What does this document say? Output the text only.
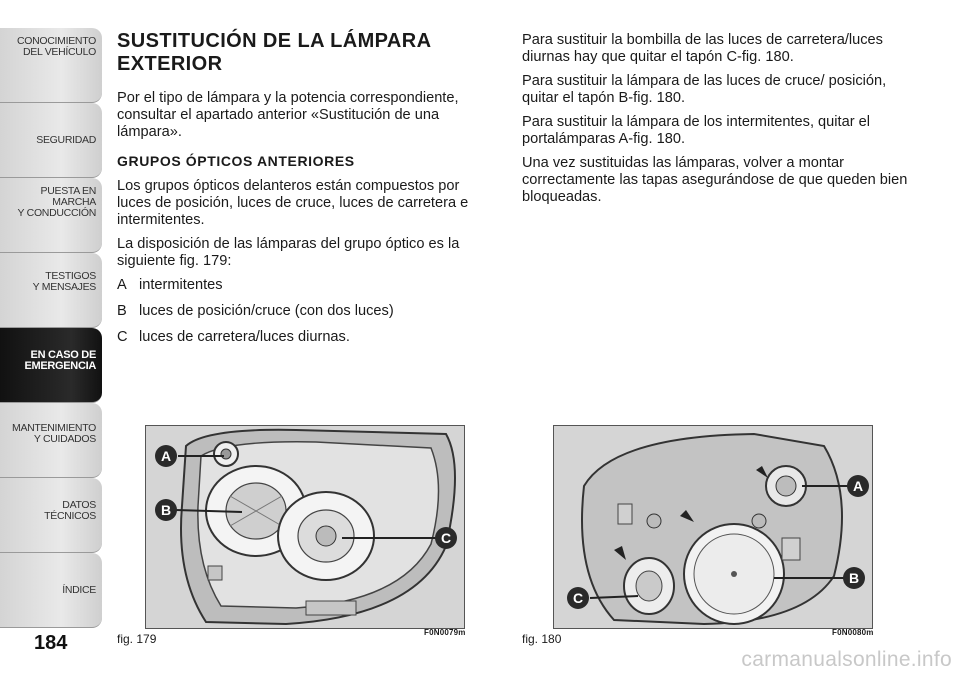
CONOCIMIENTO
DEL VEHÍCULO
SEGURIDAD
PUESTA EN
MARCHA
Y CONDUCCIÓN
TESTIGOS
Y MENSAJES
EN CASO DE
EMERGENCIA
MANTENIMIENTO
Y CUIDADOS
DATOS
TÉCNICOS
ÍNDICE
184
SUSTITUCIÓN DE LA LÁMPARA
EXTERIOR

Por el tipo de lámpara y la potencia correspondiente, consultar el apartado anterior «Sustitución de una lámpara».

GRUPOS ÓPTICOS ANTERIORES

Los grupos ópticos delanteros están compuestos por luces de posición, luces de cruce, luces de carretera e intermitentes.

La disposición de las lámparas del grupo óptico es la siguiente fig. 179:

A intermitentes
B luces de posición/cruce (con dos luces)
C luces de carretera/luces diurnas.

Para sustituir la bombilla de las luces de carretera/luces diurnas hay que quitar el tapón C-fig. 180.

Para sustituir la lámpara de las luces de cruce/ posición, quitar el tapón B-fig. 180.

Para sustituir la lámpara de los intermitentes, quitar el portalámparas A-fig. 180.

Una vez sustituidas las lámparas, volver a montar correctamente las tapas asegurándose de que queden bien bloqueadas.

A
B
C
fig. 179	F0N0079m
A
B
C
fig. 180	F0N0080m
carmanualsonline.info
